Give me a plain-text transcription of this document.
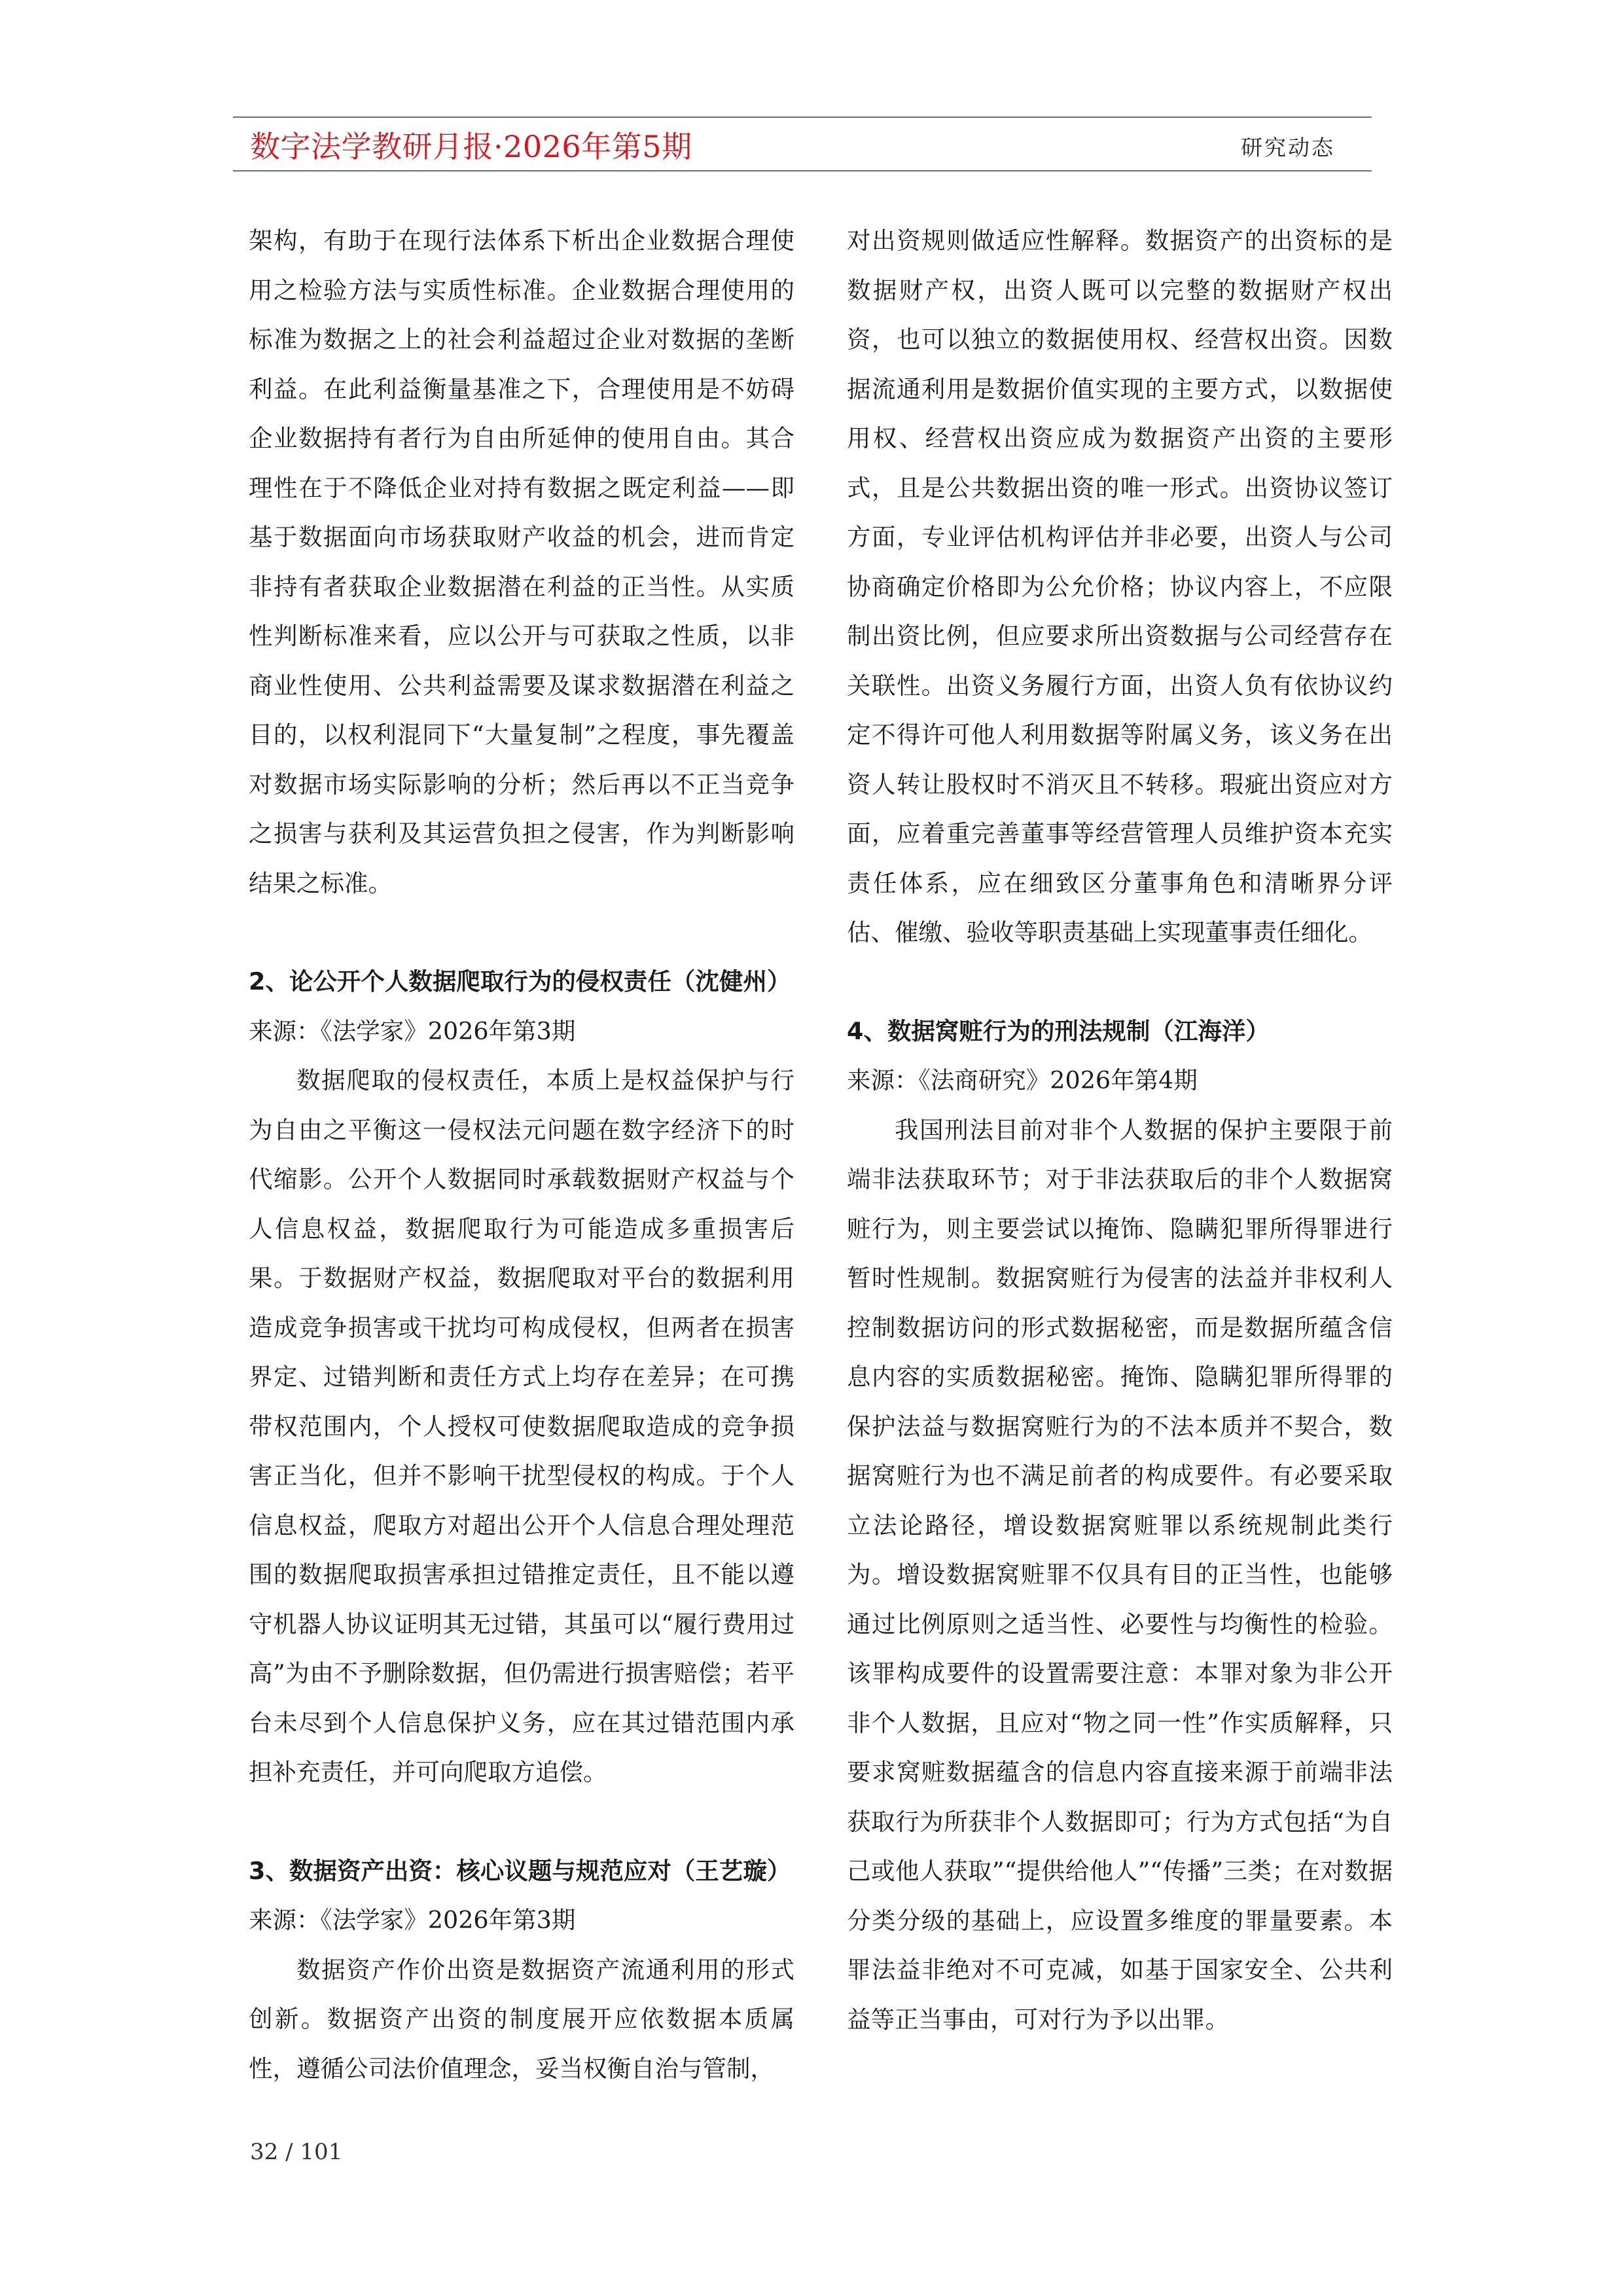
数字法学教研月报·2026年第5期	研究动态

架构，有助于在现行法体系下析出企业数据合理使用之检验方法与实质性标准。企业数据合理使用的标准为数据之上的社会利益超过企业对数据的垄断利益。在此利益衡量基准之下，合理使用是不妨碍企业数据持有者行为自由所延伸的使用自由。其合理性在于不降低企业对持有数据之既定利益——即基于数据面向市场获取财产收益的机会，进而肯定非持有者获取企业数据潜在利益的正当性。从实质性判断标准来看，应以公开与可获取之性质，以非商业性使用、公共利益需要及谋求数据潜在利益之目的，以权利混同下“大量复制”之程度，事先覆盖对数据市场实际影响的分析；然后再以不正当竞争之损害与获利及其运营负担之侵害，作为判断影响结果之标准。

2、论公开个人数据爬取行为的侵权责任（沈健州）

来源：《法学家》2026年第3期

数据爬取的侵权责任，本质上是权益保护与行为自由之平衡这一侵权法元问题在数字经济下的时代缩影。公开个人数据同时承载数据财产权益与个人信息权益，数据爬取行为可能造成多重损害后果。于数据财产权益，数据爬取对平台的数据利用造成竞争损害或干扰均可构成侵权，但两者在损害界定、过错判断和责任方式上均存在差异；在可携带权范围内，个人授权可使数据爬取造成的竞争损害正当化，但并不影响干扰型侵权的构成。于个人信息权益，爬取方对超出公开个人信息合理处理范围的数据爬取损害承担过错推定责任，且不能以遵守机器人协议证明其无过错，其虽可以“履行费用过高”为由不予删除数据，但仍需进行损害赔偿；若平台未尽到个人信息保护义务，应在其过错范围内承担补充责任，并可向爬取方追偿。

3、数据资产出资：核心议题与规范应对（王艺璇）

来源：《法学家》2026年第3期

数据资产作价出资是数据资产流通利用的形式创新。数据资产出资的制度展开应依数据本质属性，遵循公司法价值理念，妥当权衡自治与管制，

对出资规则做适应性解释。数据资产的出资标的是数据财产权，出资人既可以完整的数据财产权出资，也可以独立的数据使用权、经营权出资。因数据流通利用是数据价值实现的主要方式，以数据使用权、经营权出资应成为数据资产出资的主要形式，且是公共数据出资的唯一形式。出资协议签订方面，专业评估机构评估并非必要，出资人与公司协商确定价格即为公允价格；协议内容上，不应限制出资比例，但应要求所出资数据与公司经营存在关联性。出资义务履行方面，出资人负有依协议约定不得许可他人利用数据等附属义务，该义务在出资人转让股权时不消灭且不转移。瑕疵出资应对方面，应着重完善董事等经营管理人员维护资本充实责任体系，应在细致区分董事角色和清晰界分评估、催缴、验收等职责基础上实现董事责任细化。

4、数据窝赃行为的刑法规制（江海洋）

来源：《法商研究》2026年第4期

我国刑法目前对非个人数据的保护主要限于前端非法获取环节；对于非法获取后的非个人数据窝赃行为，则主要尝试以掩饰、隐瞒犯罪所得罪进行暂时性规制。数据窝赃行为侵害的法益并非权利人控制数据访问的形式数据秘密，而是数据所蕴含信息内容的实质数据秘密。掩饰、隐瞒犯罪所得罪的保护法益与数据窝赃行为的不法本质并不契合，数据窝赃行为也不满足前者的构成要件。有必要采取立法论路径，增设数据窝赃罪以系统规制此类行为。增设数据窝赃罪不仅具有目的正当性，也能够通过比例原则之适当性、必要性与均衡性的检验。该罪构成要件的设置需要注意：本罪对象为非公开非个人数据，且应对“物之同一性”作实质解释，只要求窝赃数据蕴含的信息内容直接来源于前端非法获取行为所获非个人数据即可；行为方式包括“为自己或他人获取”“提供给他人”“传播”三类；在对数据分类分级的基础上，应设置多维度的罪量要素。本罪法益非绝对不可克减，如基于国家安全、公共利益等正当事由，可对行为予以出罪。

32 / 101
